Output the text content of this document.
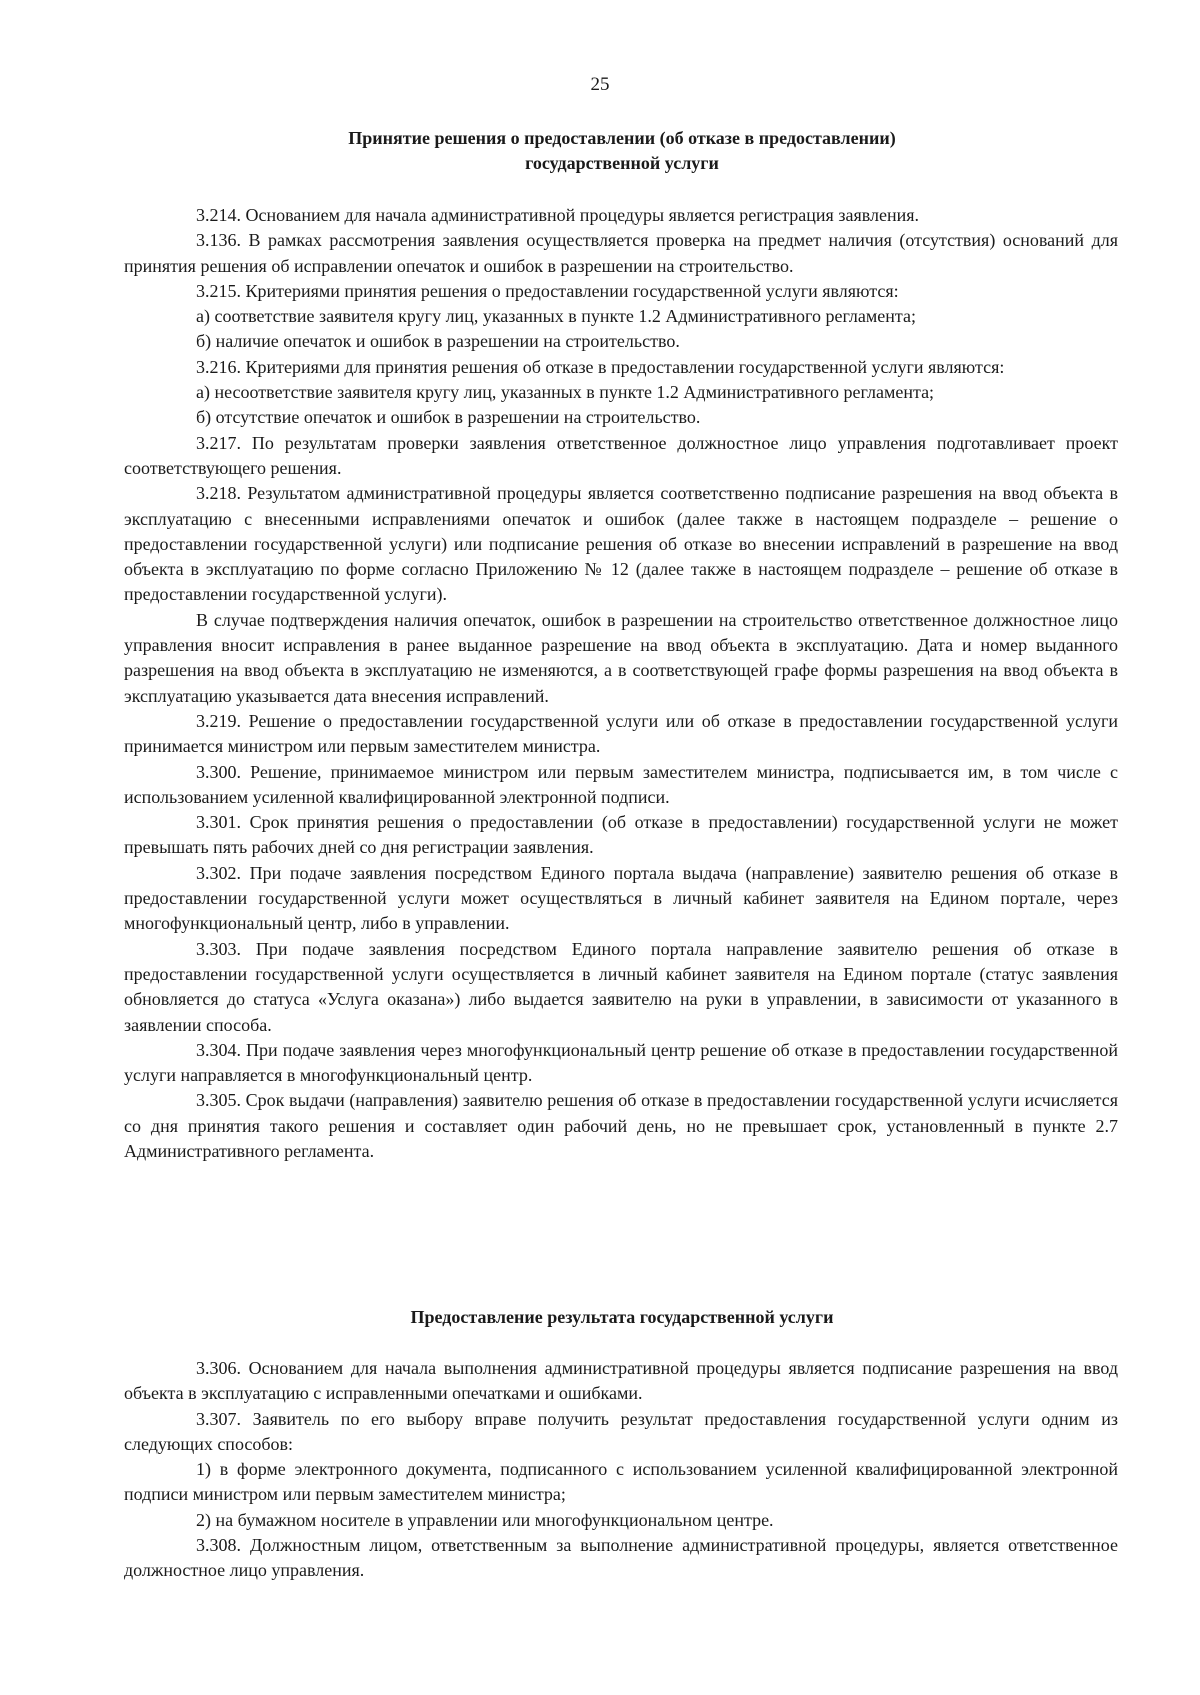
25
Принятие решения о предоставлении (об отказе в предоставлении)
государственной услуги

3.214. Основанием для начала административной процедуры является регистрация заявления.

3.136. В рамках рассмотрения заявления осуществляется проверка на предмет наличия (отсутствия) оснований для принятия решения об исправлении опечаток и ошибок в разрешении на строительство.

3.215. Критериями принятия решения о предоставлении государственной услуги являются:

а) соответствие заявителя кругу лиц, указанных в пункте 1.2 Административного регламента;

б) наличие опечаток и ошибок в разрешении на строительство.

3.216. Критериями для принятия решения об отказе в предоставлении государственной услуги являются:

а) несоответствие заявителя кругу лиц, указанных в пункте 1.2 Административного регламента;

б) отсутствие опечаток и ошибок в разрешении на строительство.

3.217. По результатам проверки заявления ответственное должностное лицо управления подготавливает проект соответствующего решения.

3.218. Результатом административной процедуры является соответственно подписание разрешения на ввод объекта в эксплуатацию с внесенными исправлениями опечаток и ошибок (далее также в настоящем подразделе – решение о предоставлении государственной услуги) или подписание решения об отказе во внесении исправлений в разрешение на ввод объекта в эксплуатацию по форме согласно Приложению № 12 (далее также в настоящем подразделе – решение об отказе в предоставлении государственной услуги).

В случае подтверждения наличия опечаток, ошибок в разрешении на строительство ответственное должностное лицо управления вносит исправления в ранее выданное разрешение на ввод объекта в эксплуатацию. Дата и номер выданного разрешения на ввод объекта в эксплуатацию не изменяются, а в соответствующей графе формы разрешения на ввод объекта в эксплуатацию указывается дата внесения исправлений.

3.219. Решение о предоставлении государственной услуги или об отказе в предоставлении государственной услуги принимается министром или первым заместителем министра.

3.300. Решение, принимаемое министром или первым заместителем министра, подписывается им, в том числе с использованием усиленной квалифицированной электронной подписи.

3.301. Срок принятия решения о предоставлении (об отказе в предоставлении) государственной услуги не может превышать пять рабочих дней со дня регистрации заявления.

3.302. При подаче заявления посредством Единого портала выдача (направление) заявителю решения об отказе в предоставлении государственной услуги может осуществляться в личный кабинет заявителя на Едином портале, через многофункциональный центр, либо в управлении.

3.303. При подаче заявления посредством Единого портала направление заявителю решения об отказе в предоставлении государственной услуги осуществляется в личный кабинет заявителя на Едином портале (статус заявления обновляется до статуса «Услуга оказана») либо выдается заявителю на руки в управлении, в зависимости от указанного в заявлении способа.

3.304. При подаче заявления через многофункциональный центр решение об отказе в предоставлении государственной услуги направляется в многофункциональный центр.

3.305. Срок выдачи (направления) заявителю решения об отказе в предоставлении государственной услуги исчисляется со дня принятия такого решения и составляет один рабочий день, но не превышает срок, установленный в пункте 2.7 Административного регламента.

Предоставление результата государственной услуги

3.306. Основанием для начала выполнения административной процедуры является подписание разрешения на ввод объекта в эксплуатацию с исправленными опечатками и ошибками.

3.307. Заявитель по его выбору вправе получить результат предоставления государственной услуги одним из следующих способов:

1) в форме электронного документа, подписанного с использованием усиленной квалифицированной электронной подписи министром или первым заместителем министра;

2) на бумажном носителе в управлении или многофункциональном центре.

3.308. Должностным лицом, ответственным за выполнение административной процедуры, является ответственное должностное лицо управления.
